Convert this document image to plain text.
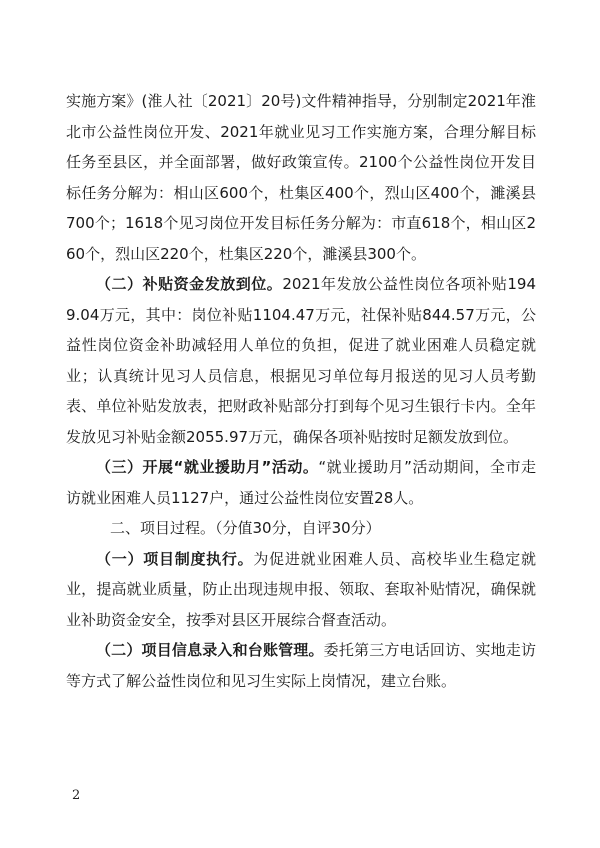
实施方案》(淮人社〔2021〕20号)文件精神指导，分别制定2021年淮北市公益性岗位开发、2021年就业见习工作实施方案，合理分解目标任务至县区，并全面部署，做好政策宣传。2100个公益性岗位开发目标任务分解为：相山区600个，杜集区400个，烈山区400个，濉溪县700个；1618个见习岗位开发目标任务分解为：市直618个，相山区260个，烈山区220个，杜集区220个，濉溪县300个。

（二）补贴资金发放到位。2021年发放公益性岗位各项补贴1949.04万元，其中：岗位补贴1104.47万元，社保补贴844.57万元，公益性岗位资金补助减轻用人单位的负担，促进了就业困难人员稳定就业；认真统计见习人员信息，根据见习单位每月报送的见习人员考勤表、单位补贴发放表，把财政补贴部分打到每个见习生银行卡内。全年发放见习补贴金额2055.97万元，确保各项补贴按时足额发放到位。

（三）开展“就业援助月”活动。“就业援助月”活动期间，全市走访就业困难人员1127户，通过公益性岗位安置28人。

二、项目过程。（分值30分，自评30分）

（一）项目制度执行。为促进就业困难人员、高校毕业生稳定就业，提高就业质量，防止出现违规申报、领取、套取补贴情况，确保就业补助资金安全，按季对县区开展综合督查活动。

（二）项目信息录入和台账管理。委托第三方电话回访、实地走访等方式了解公益性岗位和见习生实际上岗情况，建立台账。

2
